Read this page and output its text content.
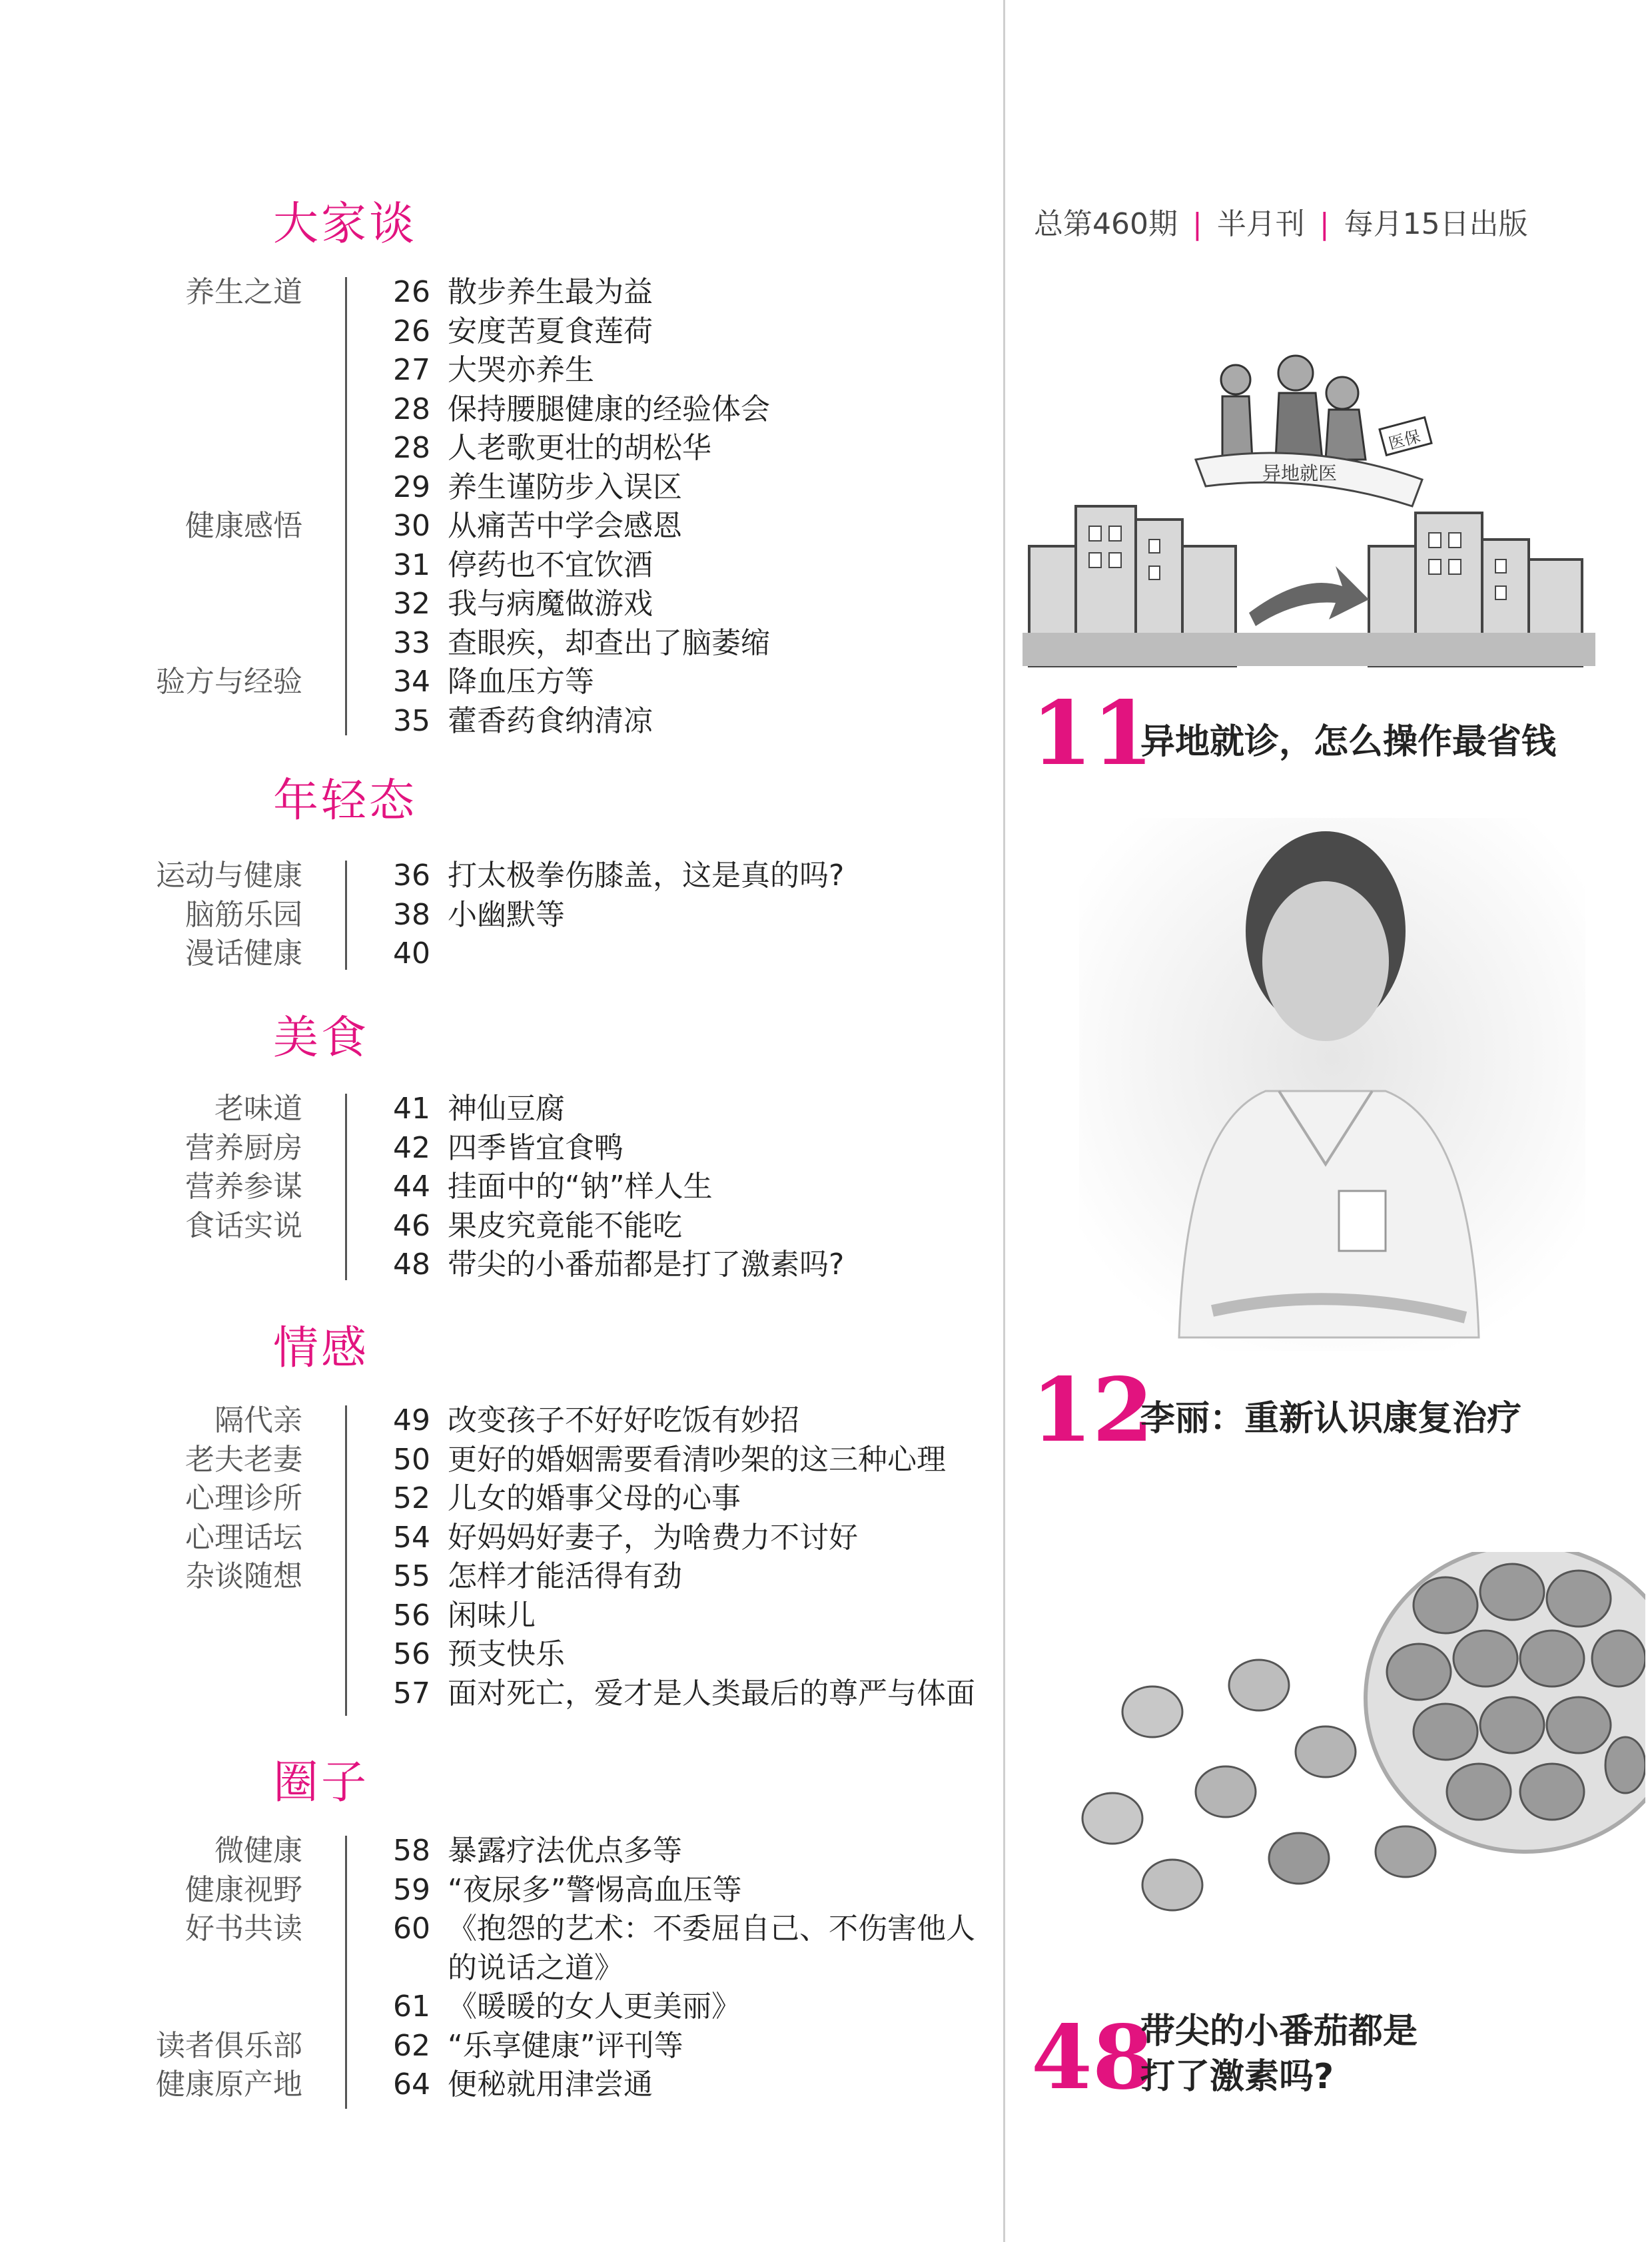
大家谈
养生之道
健康感悟
验方与经验
26 散步养生最为益
26 安度苦夏食莲荷
27 大哭亦养生
28 保持腰腿健康的经验体会
28 人老歌更壮的胡松华
29 养生谨防步入误区
30 从痛苦中学会感恩
31 停药也不宜饮酒
32 我与病魔做游戏
33 查眼疾，却查出了脑萎缩
34 降血压方等
35 藿香药食纳清凉
年轻态
运动与健康
脑筋乐园
漫话健康
36 打太极拳伤膝盖，这是真的吗?
38 小幽默等
40
美食
老味道
营养厨房
营养参谋
食话实说
41 神仙豆腐
42 四季皆宜食鸭
44 挂面中的“钠”样人生
46 果皮究竟能不能吃
48 带尖的小番茄都是打了激素吗?
情感
隔代亲
老夫老妻
心理诊所
心理话坛
杂谈随想
49 改变孩子不好好吃饭有妙招
50 更好的婚姻需要看清吵架的这三种心理
52 儿女的婚事父母的心事
54 好妈妈好妻子，为啥费力不讨好
55 怎样才能活得有劲
56 闲味儿
56 预支快乐
57 面对死亡，爱才是人类最后的尊严与体面
圈子
微健康
健康视野
好书共读
读者俱乐部
健康原产地
58 暴露疗法优点多等
59 “夜尿多”警惕高血压等
60 《抱怨的艺术：不委屈自己、不伤害他人
的说话之道》
61 《暖暖的女人更美丽》
62 “乐享健康”评刊等
64 便秘就用津尝通
总第460期 | 半月刊 | 每月15日出版
异地就医
医保
11
异地就诊，怎么操作最省钱
12
李丽：重新认识康复治疗
48
带尖的小番茄都是
打了激素吗?
